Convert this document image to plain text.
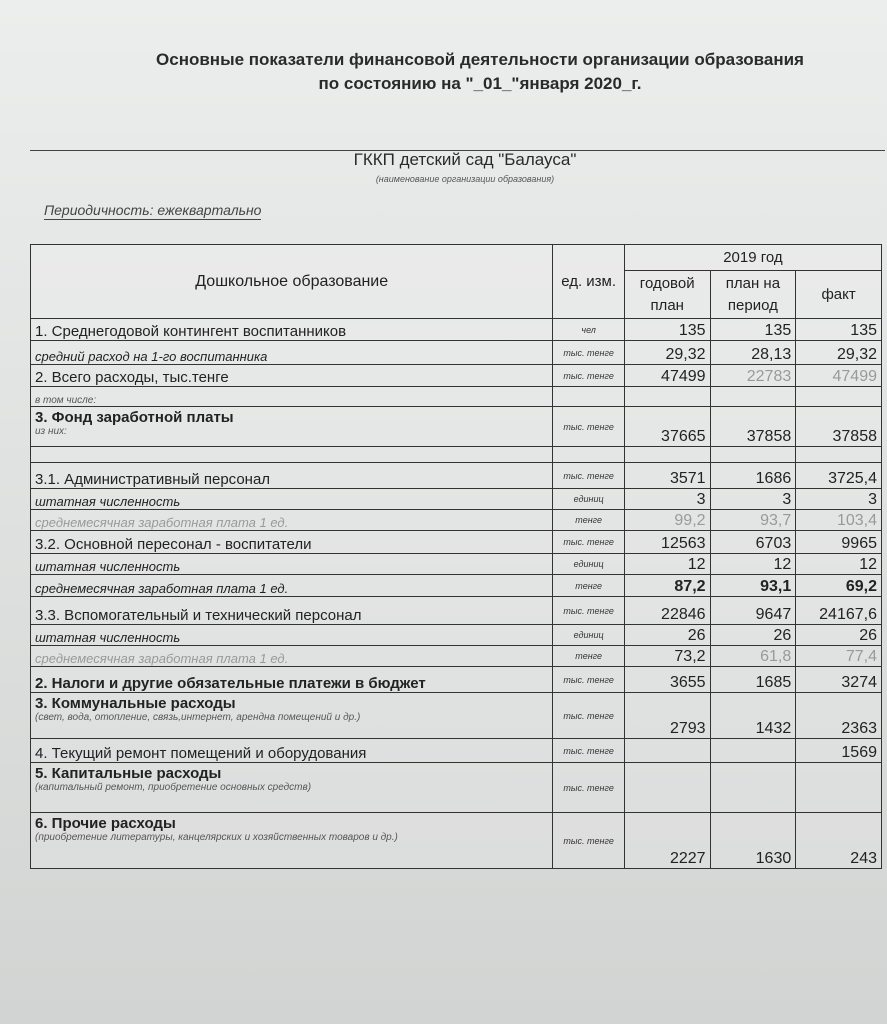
Основные показатели финансовой деятельности организации образования
по состоянию на "_01_"января 2020_г.
ГККП детский сад "Балауса"
(наименование организации образования)
Периодичность: ежеквартально
Дошкольное образование	ед. изм.	2019 год		
		годовой план	план на период	факт

1. Среднегодовой контингент воспитанников	чел	135	135	135
средний расход на 1-го воспитанника	тыс. тенге	29,32	28,13	29,32
2. Всего расходы, тыс.тенге	тыс. тенге	47499	22783	47499
в том числе:				

3. Фонд заработной платы
из них:	тыс. тенге	37665	37858	37858

3.1. Административный персонал	тыс. тенге	3571	1686	3725,4
штатная численность	единиц	3	3	3
среднемесячная заработная плата 1 ед.	тенге	99,2	93,7	103,4
3.2. Основной пересонал - воспитатели	тыс. тенге	12563	6703	9965
штатная численность	единиц	12	12	12
среднемесячная заработная плата 1 ед.	тенге	87,2	93,1	69,2
3.3. Вспомогательный и технический персонал	тыс. тенге	22846	9647	24167,6
штатная численность	единиц	26	26	26
среднемесячная заработная плата 1 ед.	тенге	73,2	61,8	77,4
2. Налоги и другие обязательные платежи в бюджет	тыс. тенге	3655	1685	3274

3. Коммунальные расходы
(свет, вода, отопление, связь,интернет, арендна помещений и др.)	тыс. тенге	2793	1432	2363
4. Текущий ремонт помещений и оборудования	тыс. тенге			1569

5. Капитальные расходы
(капитальный ремонт, приобретение основных средств)	тыс. тенге			

6. Прочие расходы
(приобретение литературы, канцелярских и хозяйственных товаров и др.)	тыс. тенге	2227	1630	243
